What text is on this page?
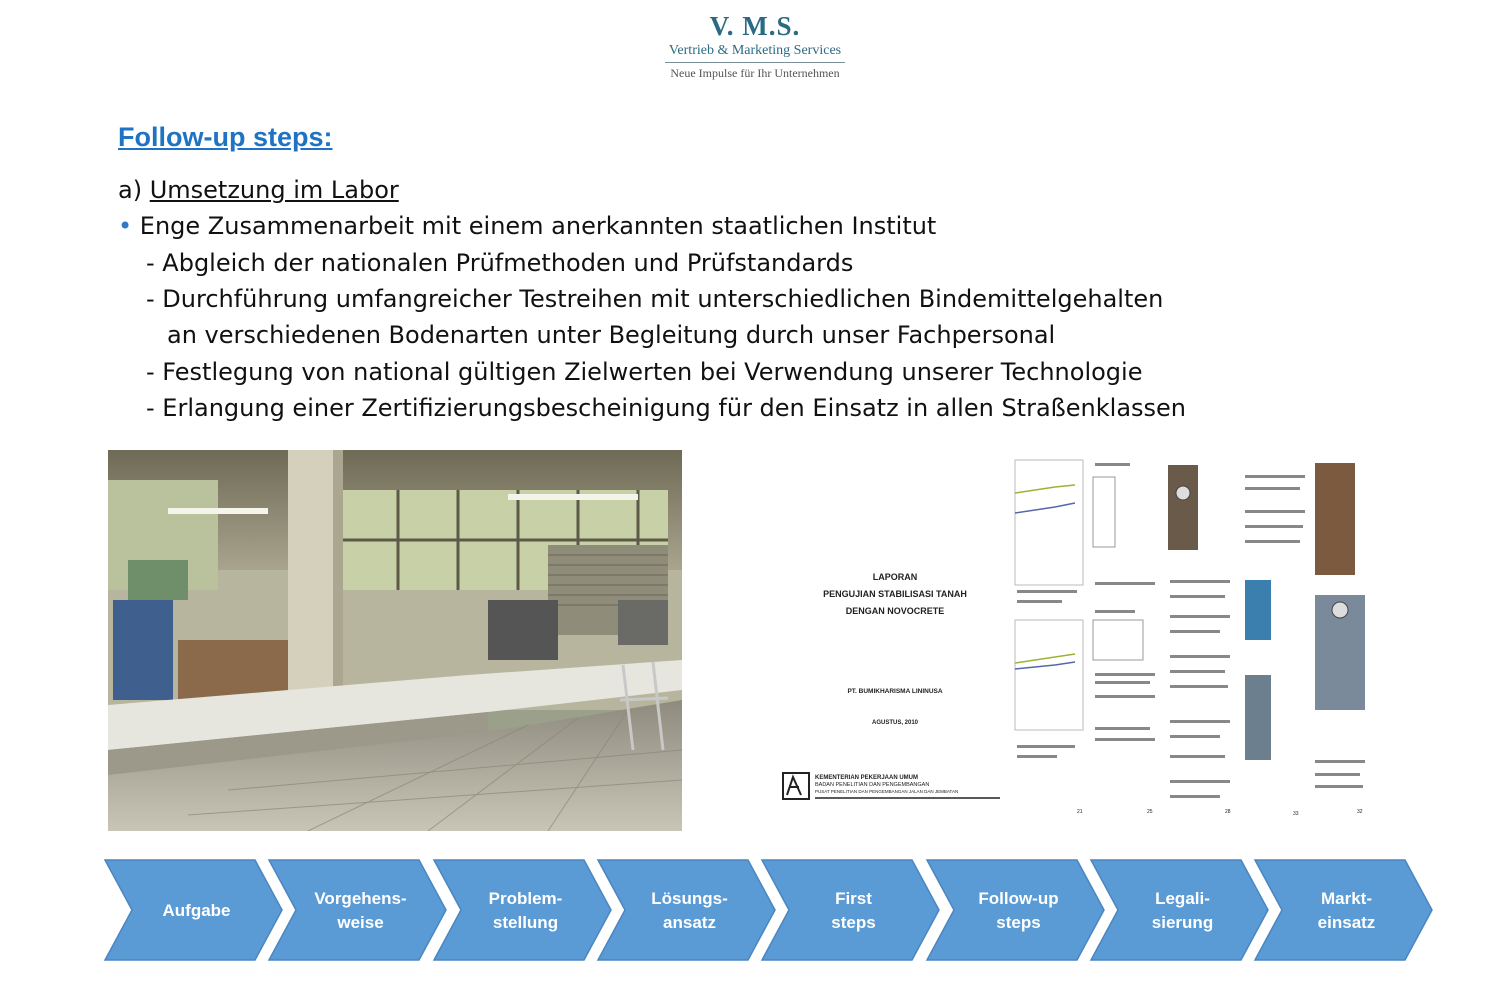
V. M.S.
Vertrieb & Marketing Services
Neue Impulse für Ihr Unternehmen
Follow-up steps:
a) Umsetzung im Labor
• Enge Zusammenarbeit mit einem anerkannten staatlichen Institut
- Abgleich der nationalen Prüfmethoden und Prüfstandards
- Durchführung umfangreicher Testreihen mit unterschiedlichen Bindemittelgehalten
an verschiedenen Bodenarten unter Begleitung durch unser Fachpersonal
- Festlegung von national gültigen Zielwerten bei Verwendung unserer Technologie
- Erlangung einer Zertifizierungsbescheinigung für den Einsatz in allen Straßenklassen
LAPORAN
PENGUJIAN STABILISASI TANAH
DENGAN NOVOCRETE
PT. BUMIKHARISMA LININUSA
AGUSTUS, 2010
KEMENTERIAN PEKERJAAN UMUM
BADAN PENELITIAN DAN PENGEMBANGAN
PUSAT PENELITIAN DAN PENGEMBANGAN JALAN DAN JEMBATAN
21	25	28	33	32
Aufgabe
Vorgehens-
weise
Problem-
stellung
Lösungs-
ansatz
First
steps
Follow-up
steps
Legali-
sierung
Markt-
einsatz
